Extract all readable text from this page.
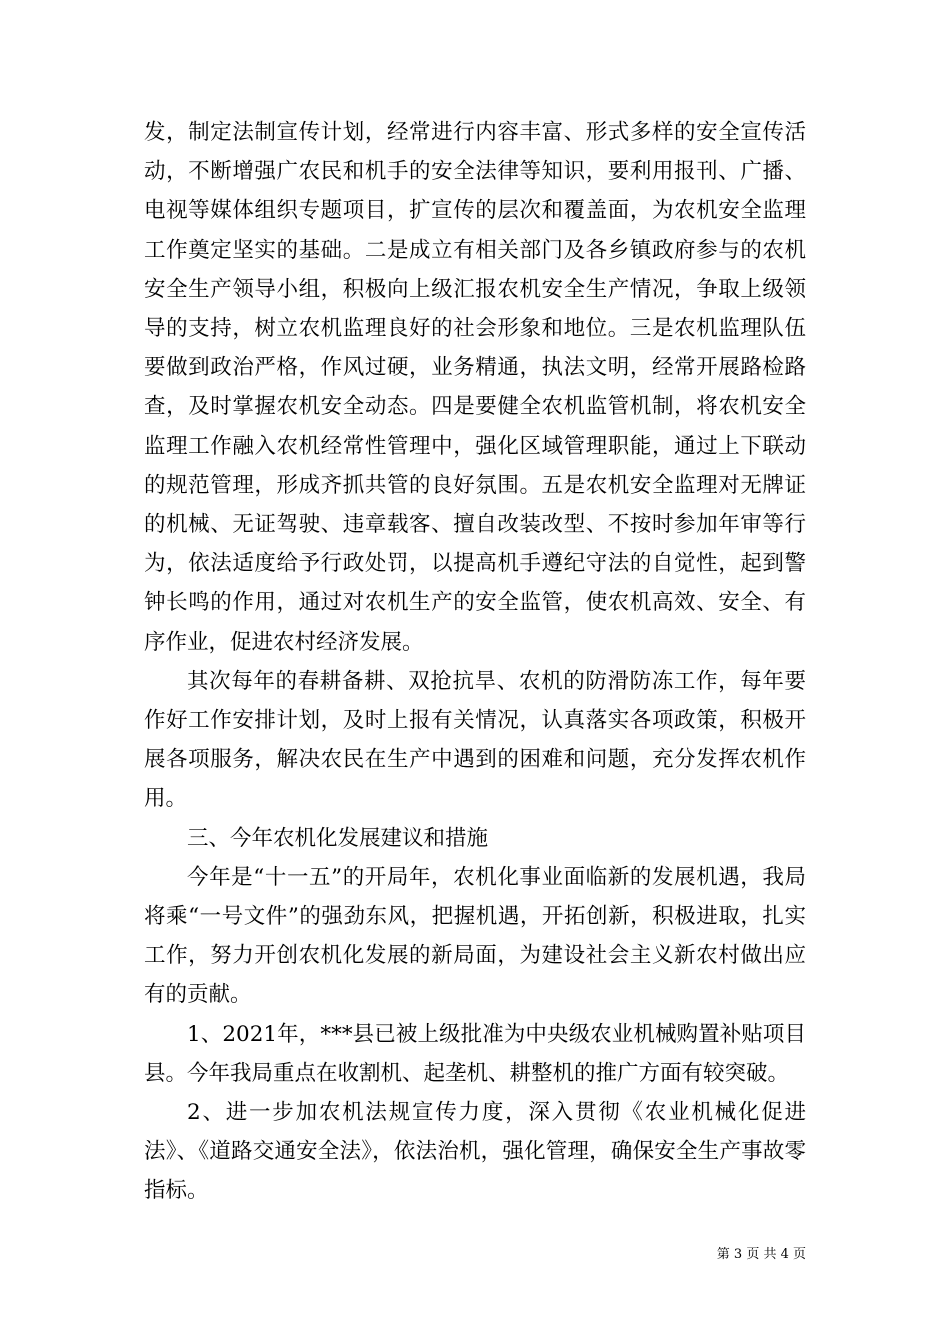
发，制定法制宣传计划，经常进行内容丰富、形式多样的安全宣传活动，不断增强广农民和机手的安全法律等知识，要利用报刊、广播、电视等媒体组织专题项目，扩宣传的层次和覆盖面，为农机安全监理工作奠定坚实的基础。二是成立有相关部门及各乡镇政府参与的农机安全生产领导小组，积极向上级汇报农机安全生产情况，争取上级领导的支持，树立农机监理良好的社会形象和地位。三是农机监理队伍要做到政治严格，作风过硬，业务精通，执法文明，经常开展路检路查，及时掌握农机安全动态。四是要健全农机监管机制，将农机安全监理工作融入农机经常性管理中，强化区域管理职能，通过上下联动的规范管理，形成齐抓共管的良好氛围。五是农机安全监理对无牌证的机械、无证驾驶、违章载客、擅自改装改型、不按时参加年审等行为，依法适度给予行政处罚，以提高机手遵纪守法的自觉性，起到警钟长鸣的作用，通过对农机生产的安全监管，使农机高效、安全、有序作业，促进农村经济发展。

其次每年的春耕备耕、双抢抗旱、农机的防滑防冻工作，每年要作好工作安排计划，及时上报有关情况，认真落实各项政策，积极开展各项服务，解决农民在生产中遇到的困难和问题，充分发挥农机作用。

三、今年农机化发展建议和措施

今年是“十一五”的开局年，农机化事业面临新的发展机遇，我局将乘“一号文件”的强劲东风，把握机遇，开拓创新，积极进取，扎实工作，努力开创农机化发展的新局面，为建设社会主义新农村做出应有的贡献。

1、2021年，***县已被上级批准为中央级农业机械购置补贴项目县。今年我局重点在收割机、起垄机、耕整机的推广方面有较突破。

2、进一步加农机法规宣传力度，深入贯彻《农业机械化促进法》、《道路交通安全法》，依法治机，强化管理，确保安全生产事故零指标。

第 3 页 共 4 页
